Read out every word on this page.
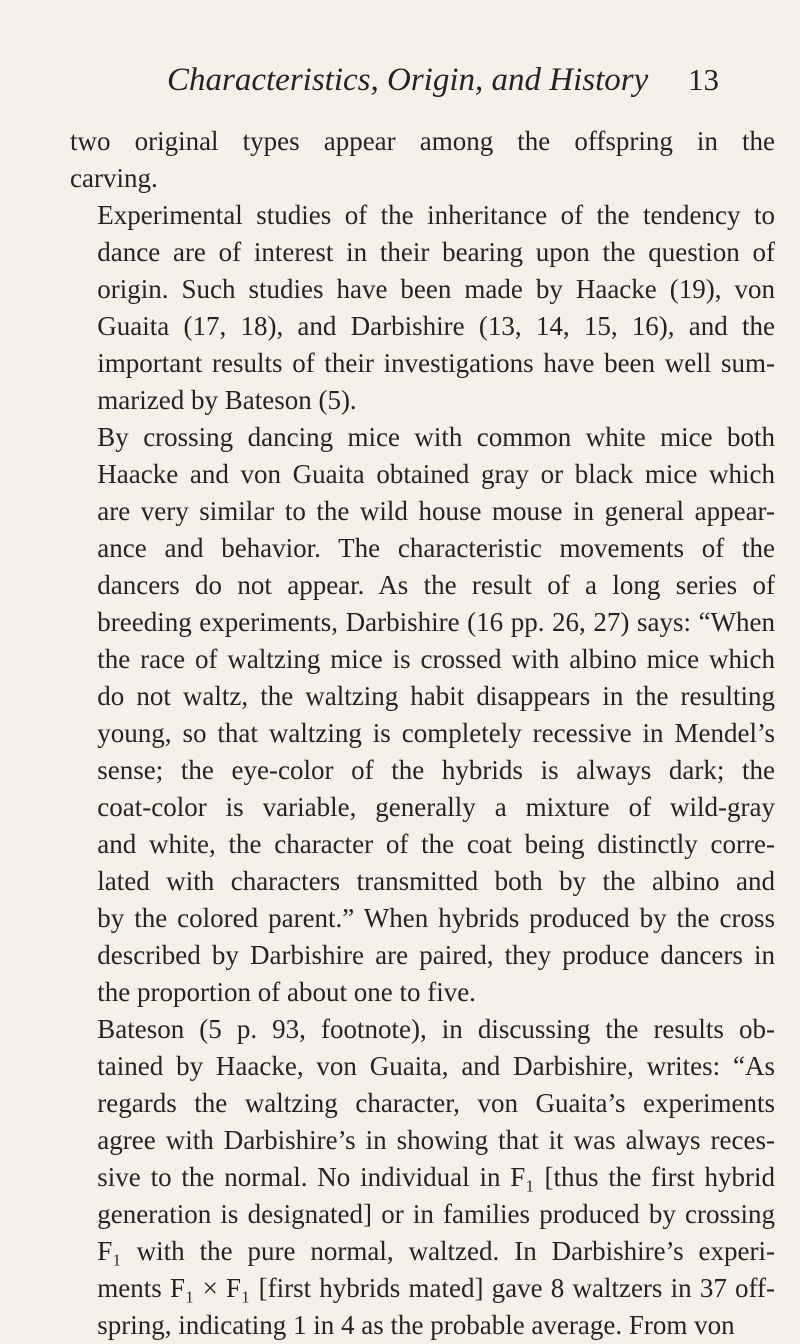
Characteristics, Origin, and History 13

two original types appear among the offspring in the
carving.

Experimental studies of the inheritance of the tendency to
dance are of interest in their bearing upon the question of
origin. Such studies have been made by Haacke (19), von
Guaita (17, 18), and Darbishire (13, 14, 15, 16), and the
important results of their investigations have been well sum-
marized by Bateson (5).

By crossing dancing mice with common white mice both
Haacke and von Guaita obtained gray or black mice which
are very similar to the wild house mouse in general appear-
ance and behavior. The characteristic movements of the
dancers do not appear. As the result of a long series of
breeding experiments, Darbishire (16 pp. 26, 27) says: “When
the race of waltzing mice is crossed with albino mice which
do not waltz, the waltzing habit disappears in the resulting
young, so that waltzing is completely recessive in Mendel’s
sense; the eye-color of the hybrids is always dark; the
coat-color is variable, generally a mixture of wild-gray
and white, the character of the coat being distinctly corre-
lated with characters transmitted both by the albino and
by the colored parent.” When hybrids produced by the cross
described by Darbishire are paired, they produce dancers in
the proportion of about one to five.

Bateson (5 p. 93, footnote), in discussing the results ob-
tained by Haacke, von Guaita, and Darbishire, writes: “As
regards the waltzing character, von Guaita’s experiments
agree with Darbishire’s in showing that it was always reces-
sive to the normal. No individual in F₁ [thus the first hybrid
generation is designated] or in families produced by crossing
F₁ with the pure normal, waltzed. In Darbishire’s experi-
ments F₁ × F₁ [first hybrids mated] gave 8 waltzers in 37 off-
spring, indicating 1 in 4 as the probable average. From von
